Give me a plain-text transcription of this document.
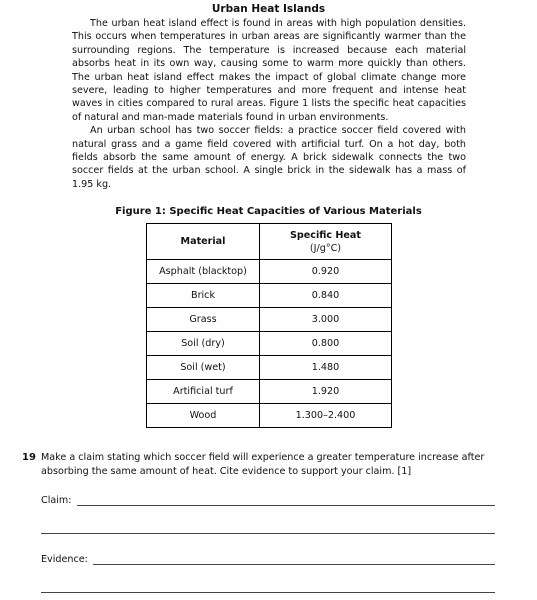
Urban Heat Islands

The urban heat island effect is found in areas with high population densities. This occurs when temperatures in urban areas are significantly warmer than the surrounding regions. The temperature is increased because each material absorbs heat in its own way, causing some to warm more quickly than others. The urban heat island effect makes the impact of global climate change more severe, leading to higher temperatures and more frequent and intense heat waves in cities compared to rural areas. Figure 1 lists the specific heat capacities of natural and man-made materials found in urban environments.

An urban school has two soccer fields: a practice soccer field covered with natural grass and a game field covered with artificial turf. On a hot day, both fields absorb the same amount of energy. A brick sidewalk connects the two soccer fields at the urban school. A single brick in the sidewalk has a mass of 1.95 kg.

Figure 1: Specific Heat Capacities of Various Materials
Material	Specific Heat
(J/g°C)
Asphalt (blacktop)	0.920
Brick	0.840
Grass	3.000
Soil (dry)	0.800
Soil (wet)	1.480
Artificial turf	1.920
Wood	1.300–2.400
19 Make a claim stating which soccer field will experience a greater temperature increase after absorbing the same amount of heat. Cite evidence to support your claim. [1]
Claim:
Evidence:
